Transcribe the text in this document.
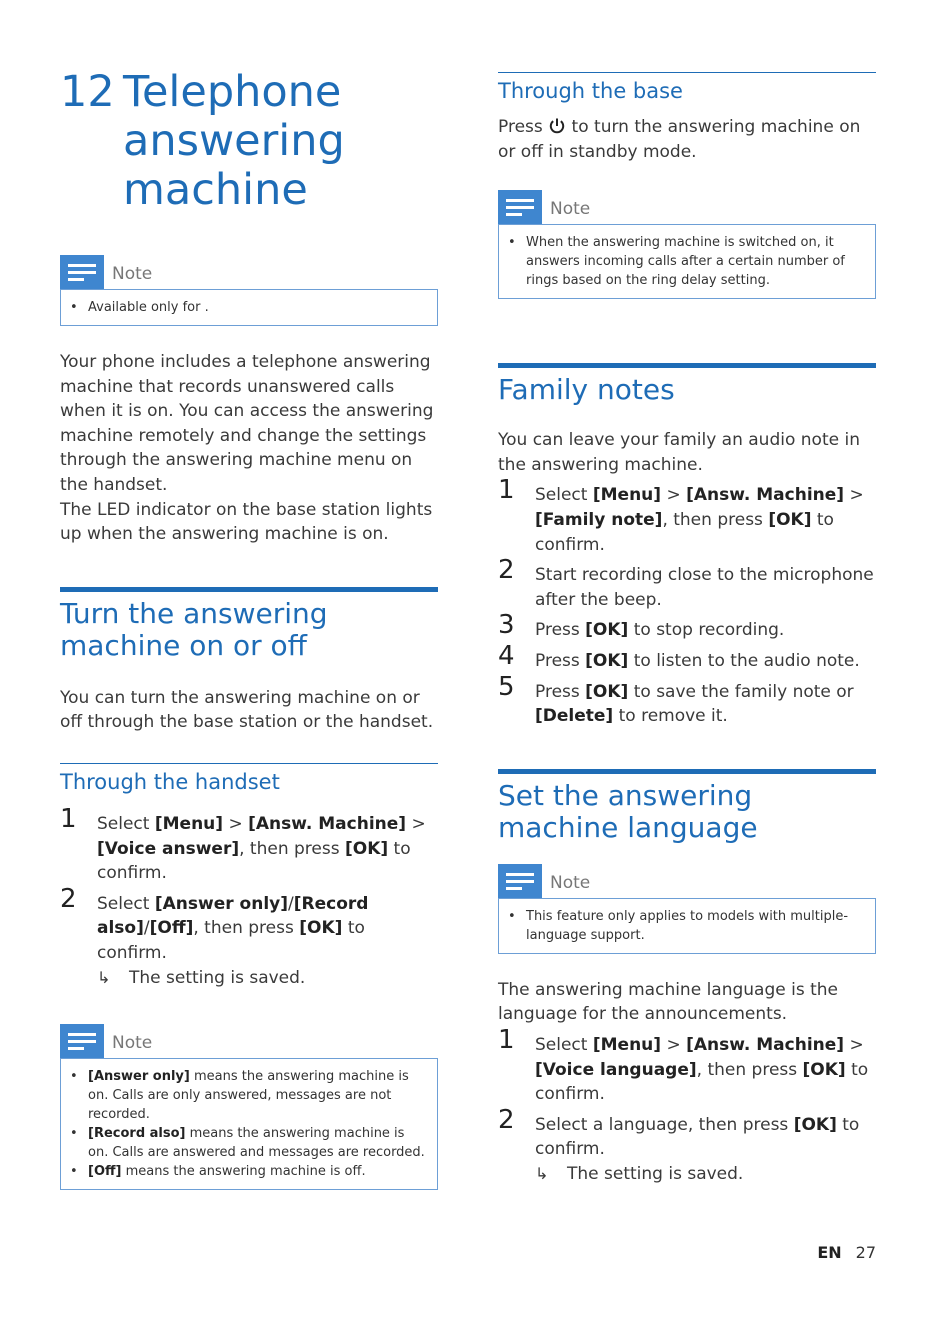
12 Telephone answering machine
Note
• Available only for .

Your phone includes a telephone answering machine that records unanswered calls when it is on. You can access the answering machine remotely and change the settings through the answering machine menu on the handset.

The LED indicator on the base station lights up when the answering machine is on.

Turn the answering machine on or off

You can turn the answering machine on or off through the base station or the handset.

Through the handset
1 Select [Menu] > [Answ. Machine] > [Voice answer], then press [OK] to confirm.
2 Select [Answer only]/[Record also]/[Off], then press [OK] to confirm.
↳ The setting is saved.
Note
• [Answer only] means the answering machine is on. Calls are only answered, messages are not recorded.
• [Record also] means the answering machine is on. Calls are answered and messages are recorded.
• [Off] means the answering machine is off.
Through the base

Press  to turn the answering machine on or off in standby mode.

Note
• When the answering machine is switched on, it answers incoming calls after a certain number of rings based on the ring delay setting.
Family notes

You can leave your family an audio note in the answering machine.

1 Select [Menu] > [Answ. Machine] > [Family note], then press [OK] to confirm.
2 Start recording close to the microphone after the beep.
3 Press [OK] to stop recording.
4 Press [OK] to listen to the audio note.
5 Press [OK] to save the family note or [Delete] to remove it.
Set the answering machine language
Note
• This feature only applies to models with multiple-language support.

The answering machine language is the language for the announcements.

1 Select [Menu] > [Answ. Machine] > [Voice language], then press [OK] to confirm.
2 Select a language, then press [OK] to confirm.
↳ The setting is saved.
EN 27
